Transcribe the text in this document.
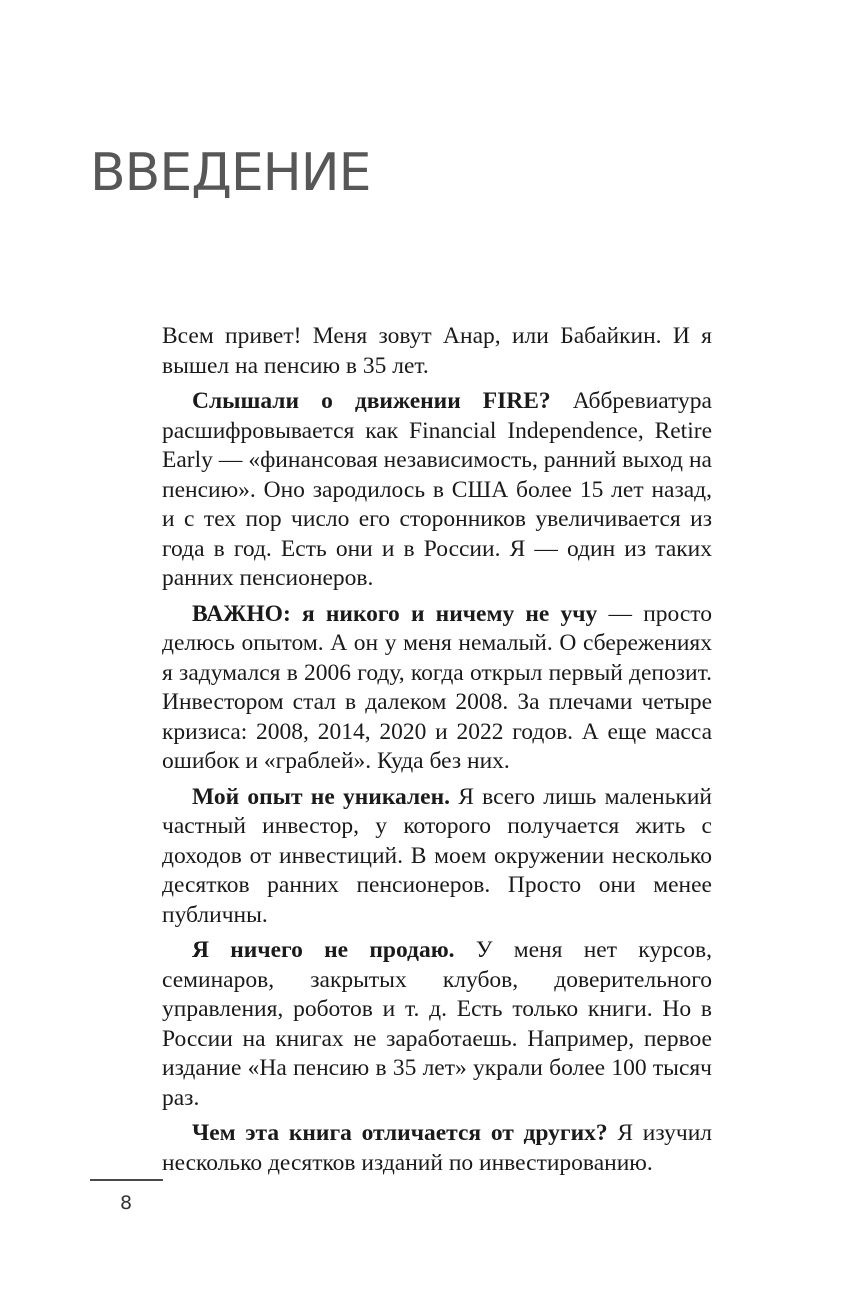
ВВЕДЕНИЕ

Всем привет! Меня зовут Анар, или Бабайкин. И я вышел на пенсию в 35 лет.

Слышали о движении FIRE? Аббревиатура расшифровывается как Financial Independence, Retire Early — «финансовая независимость, ранний выход на пенсию». Оно зародилось в США более 15 лет назад, и с тех пор число его сторонников увеличивается из года в год. Есть они и в России. Я — один из таких ранних пенсионеров.

ВАЖНО: я никого и ничему не учу — просто делюсь опытом. А он у меня немалый. О сбережениях я задумался в 2006 году, когда открыл первый депозит. Инвестором стал в далеком 2008. За плечами четыре кризиса: 2008, 2014, 2020 и 2022 годов. А еще масса ошибок и «граблей». Куда без них.

Мой опыт не уникален. Я всего лишь маленький частный инвестор, у которого получается жить с доходов от инвестиций. В моем окружении несколько десятков ранних пенсионеров. Просто они менее публичны.

Я ничего не продаю. У меня нет курсов, семинаров, закрытых клубов, доверительного управления, роботов и т. д. Есть только книги. Но в России на книгах не заработаешь. Например, первое издание «На пенсию в 35 лет» украли более 100 тысяч раз.

Чем эта книга отличается от других? Я изучил несколько десятков изданий по инвестированию.

8
